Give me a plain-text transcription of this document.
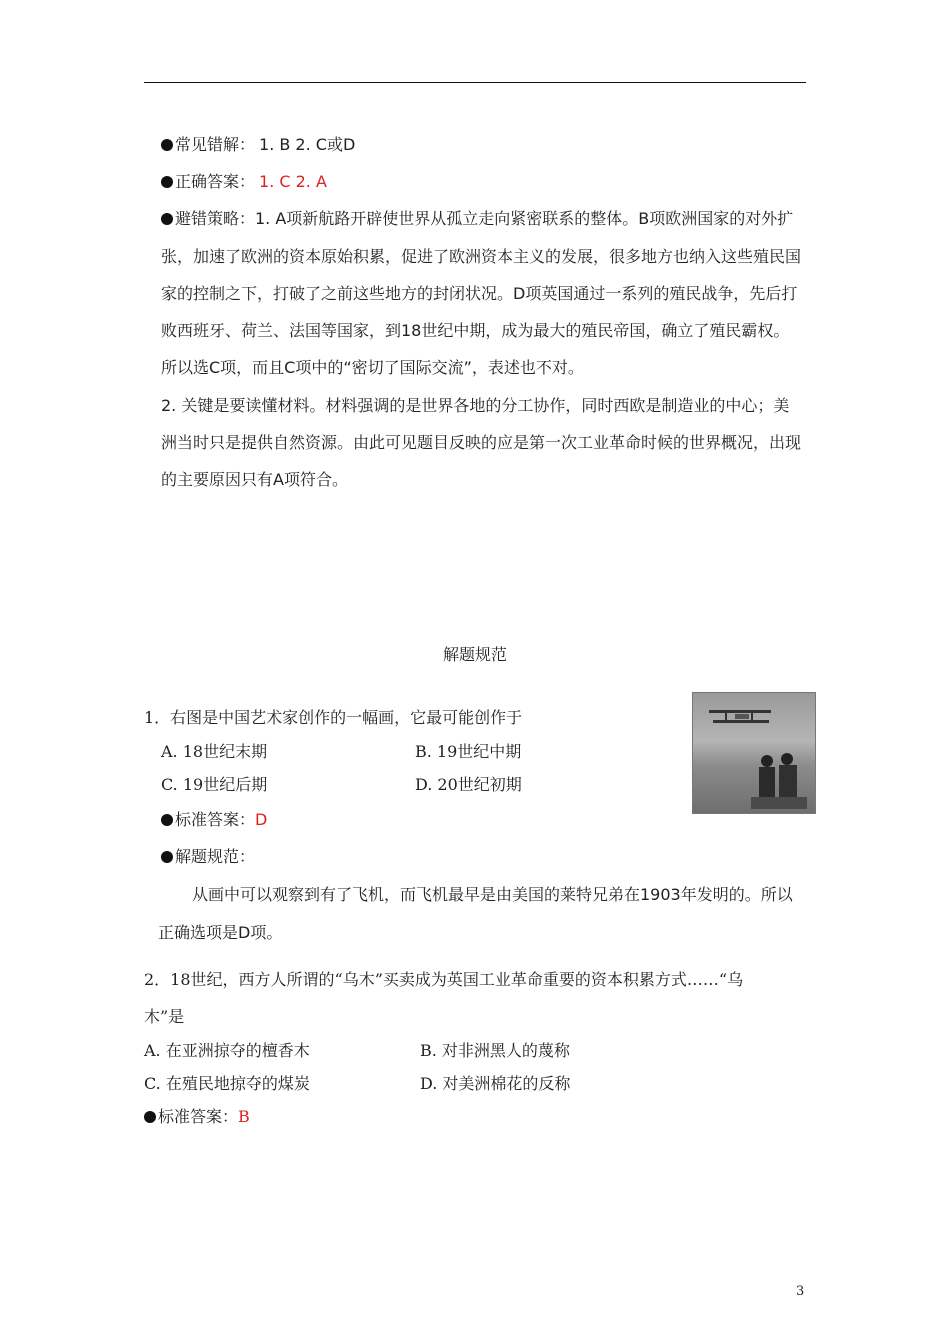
常见错解： 1. B 2. C或D
正确答案： 1. C 2. A
避错策略：1. A项新航路开辟使世界从孤立走向紧密联系的整体。B项欧洲国家的对外扩
张，加速了欧洲的资本原始积累，促进了欧洲资本主义的发展，很多地方也纳入这些殖民国
家的控制之下，打破了之前这些地方的封闭状况。D项英国通过一系列的殖民战争，先后打
败西班牙、荷兰、法国等国家，到18世纪中期，成为最大的殖民帝国，确立了殖民霸权。
所以选C项，而且C项中的“密切了国际交流”，表述也不对。
2. 关键是要读懂材料。材料强调的是世界各地的分工协作，同时西欧是制造业的中心；美
洲当时只是提供自然资源。由此可见题目反映的应是第一次工业革命时候的世界概况，出现
的主要原因只有A项符合。
解题规范
1．右图是中国艺术家创作的一幅画，它最可能创作于
A. 18世纪末期	B. 19世纪中期
C. 19世纪后期	D. 20世纪初期
标准答案：D
解题规范：
从画中可以观察到有了飞机，而飞机最早是由美国的莱特兄弟在1903年发明的。所以
正确选项是D项。
2．18世纪，西方人所谓的“乌木”买卖成为英国工业革命重要的资本积累方式……“乌
木”是
A. 在亚洲掠夺的檀香木	B. 对非洲黑人的蔑称
C. 在殖民地掠夺的煤炭	D. 对美洲棉花的反称
标准答案：B
3
